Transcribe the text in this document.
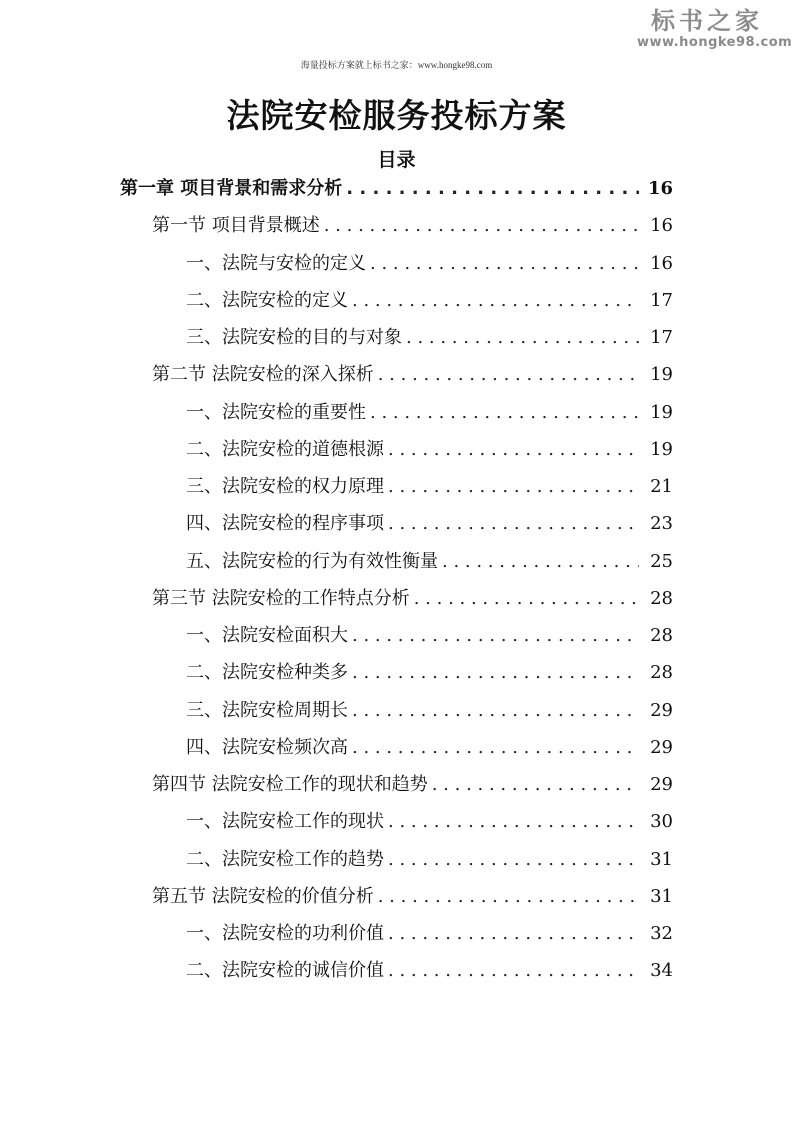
标书之家
www.hongke98.com
海量投标方案就上标书之家：www.hongke98.com
法院安检服务投标方案
目录
第一章 项目背景和需求分析 . . .	16
第一节 项目背景概述 . . .	16
一、法院与安检的定义 . . .	16
二、法院安检的定义 . . .	17
三、法院安检的目的与对象 . . .	17
第二节 法院安检的深入探析 . . .	19
一、法院安检的重要性 . . .	19
二、法院安检的道德根源 . . .	19
三、法院安检的权力原理 . . .	21
四、法院安检的程序事项 . . .	23
五、法院安检的行为有效性衡量 . . .	25
第三节 法院安检的工作特点分析 . . .	28
一、法院安检面积大 . . .	28
二、法院安检种类多 . . .	28
三、法院安检周期长 . . .	29
四、法院安检频次高 . . .	29
第四节 法院安检工作的现状和趋势 . . .	29
一、法院安检工作的现状 . . .	30
二、法院安检工作的趋势 . . .	31
第五节 法院安检的价值分析 . . .	31
一、法院安检的功利价值 . . .	32
二、法院安检的诚信价值 . . .	34
